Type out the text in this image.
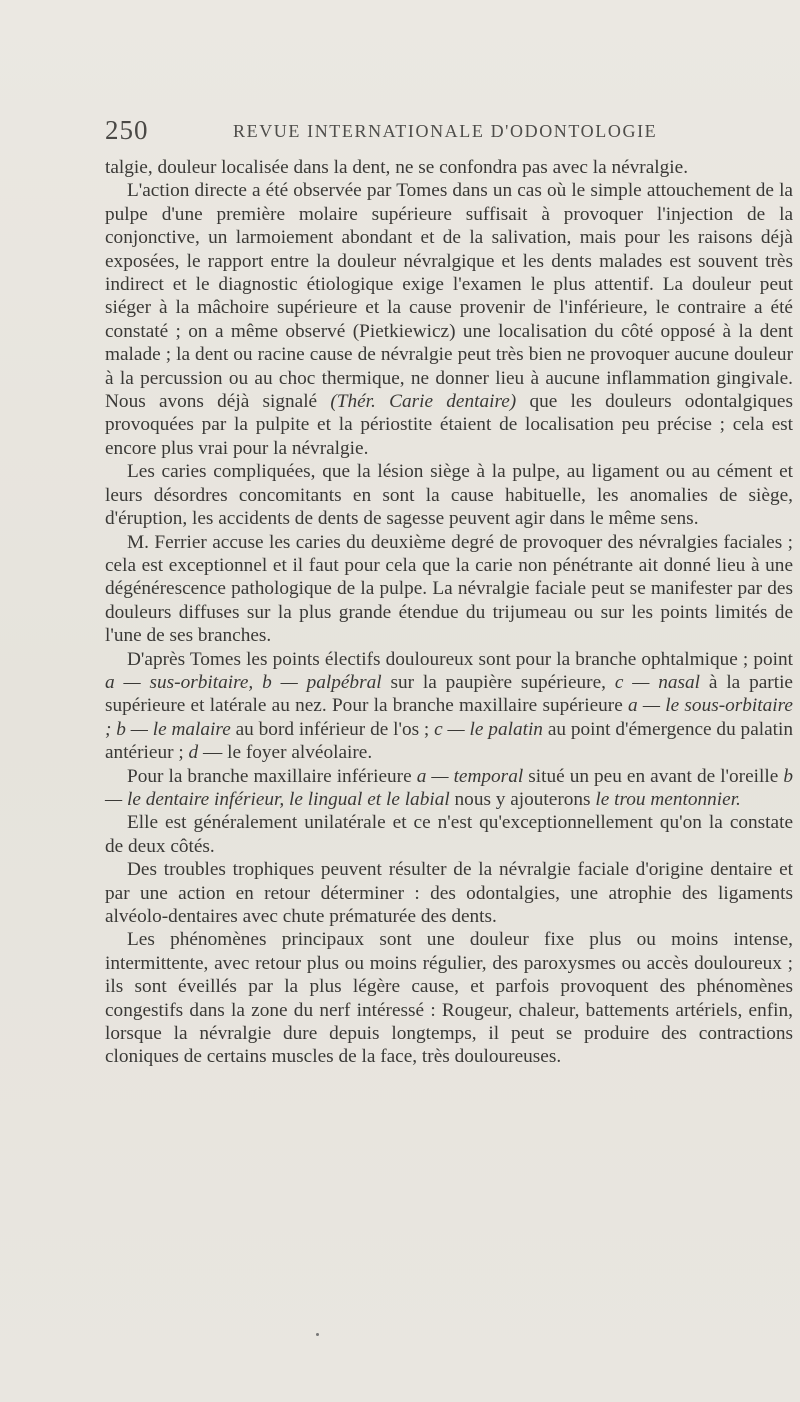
250	REVUE INTERNATIONALE D'ODONTOLOGIE

talgie, douleur localisée dans la dent, ne se confondra pas avec la névralgie.

L'action directe a été observée par Tomes dans un cas où le simple attouchement de la pulpe d'une première molaire supérieure suffisait à provoquer l'injection de la conjonctive, un larmoiement abondant et de la salivation, mais pour les raisons déjà exposées, le rapport entre la douleur névralgique et les dents malades est souvent très indirect et le diagnostic étiologique exige l'examen le plus attentif. La douleur peut siéger à la mâchoire supérieure et la cause provenir de l'inférieure, le contraire a été constaté ; on a même observé (Pietkiewicz) une localisation du côté opposé à la dent malade ; la dent ou racine cause de névralgie peut très bien ne provoquer aucune douleur à la percussion ou au choc thermique, ne donner lieu à aucune inflammation gingivale. Nous avons déjà signalé (Thér. Carie dentaire) que les douleurs odontalgiques provoquées par la pulpite et la périostite étaient de localisation peu précise ; cela est encore plus vrai pour la névralgie.

Les caries compliquées, que la lésion siège à la pulpe, au ligament ou au cément et leurs désordres concomitants en sont la cause habituelle, les anomalies de siège, d'éruption, les accidents de dents de sagesse peuvent agir dans le même sens.

M. Ferrier accuse les caries du deuxième degré de provoquer des névralgies faciales ; cela est exceptionnel et il faut pour cela que la carie non pénétrante ait donné lieu à une dégénérescence pathologique de la pulpe. La névralgie faciale peut se manifester par des douleurs diffuses sur la plus grande étendue du trijumeau ou sur les points limités de l'une de ses branches.

D'après Tomes les points électifs douloureux sont pour la branche ophtalmique ; point a — sus-orbitaire, b — palpébral sur la paupière supérieure, c — nasal à la partie supérieure et latérale au nez. Pour la branche maxillaire supérieure a — le sous-orbitaire ; b — le malaire au bord inférieur de l'os ; c — le palatin au point d'émergence du palatin antérieur ; d — le foyer alvéolaire.

Pour la branche maxillaire inférieure a — temporal situé un peu en avant de l'oreille b — le dentaire inférieur, le lingual et le labial nous y ajouterons le trou mentonnier.

Elle est généralement unilatérale et ce n'est qu'exceptionnellement qu'on la constate de deux côtés.

Des troubles trophiques peuvent résulter de la névralgie faciale d'origine dentaire et par une action en retour déterminer : des odontalgies, une atrophie des ligaments alvéolo-dentaires avec chute prématurée des dents.

Les phénomènes principaux sont une douleur fixe plus ou moins intense, intermittente, avec retour plus ou moins régulier, des paroxysmes ou accès douloureux ; ils sont éveillés par la plus légère cause, et parfois provoquent des phénomènes congestifs dans la zone du nerf intéressé : Rougeur, chaleur, battements artériels, enfin, lorsque la névralgie dure depuis longtemps, il peut se produire des contractions cloniques de certains muscles de la face, très douloureuses.
